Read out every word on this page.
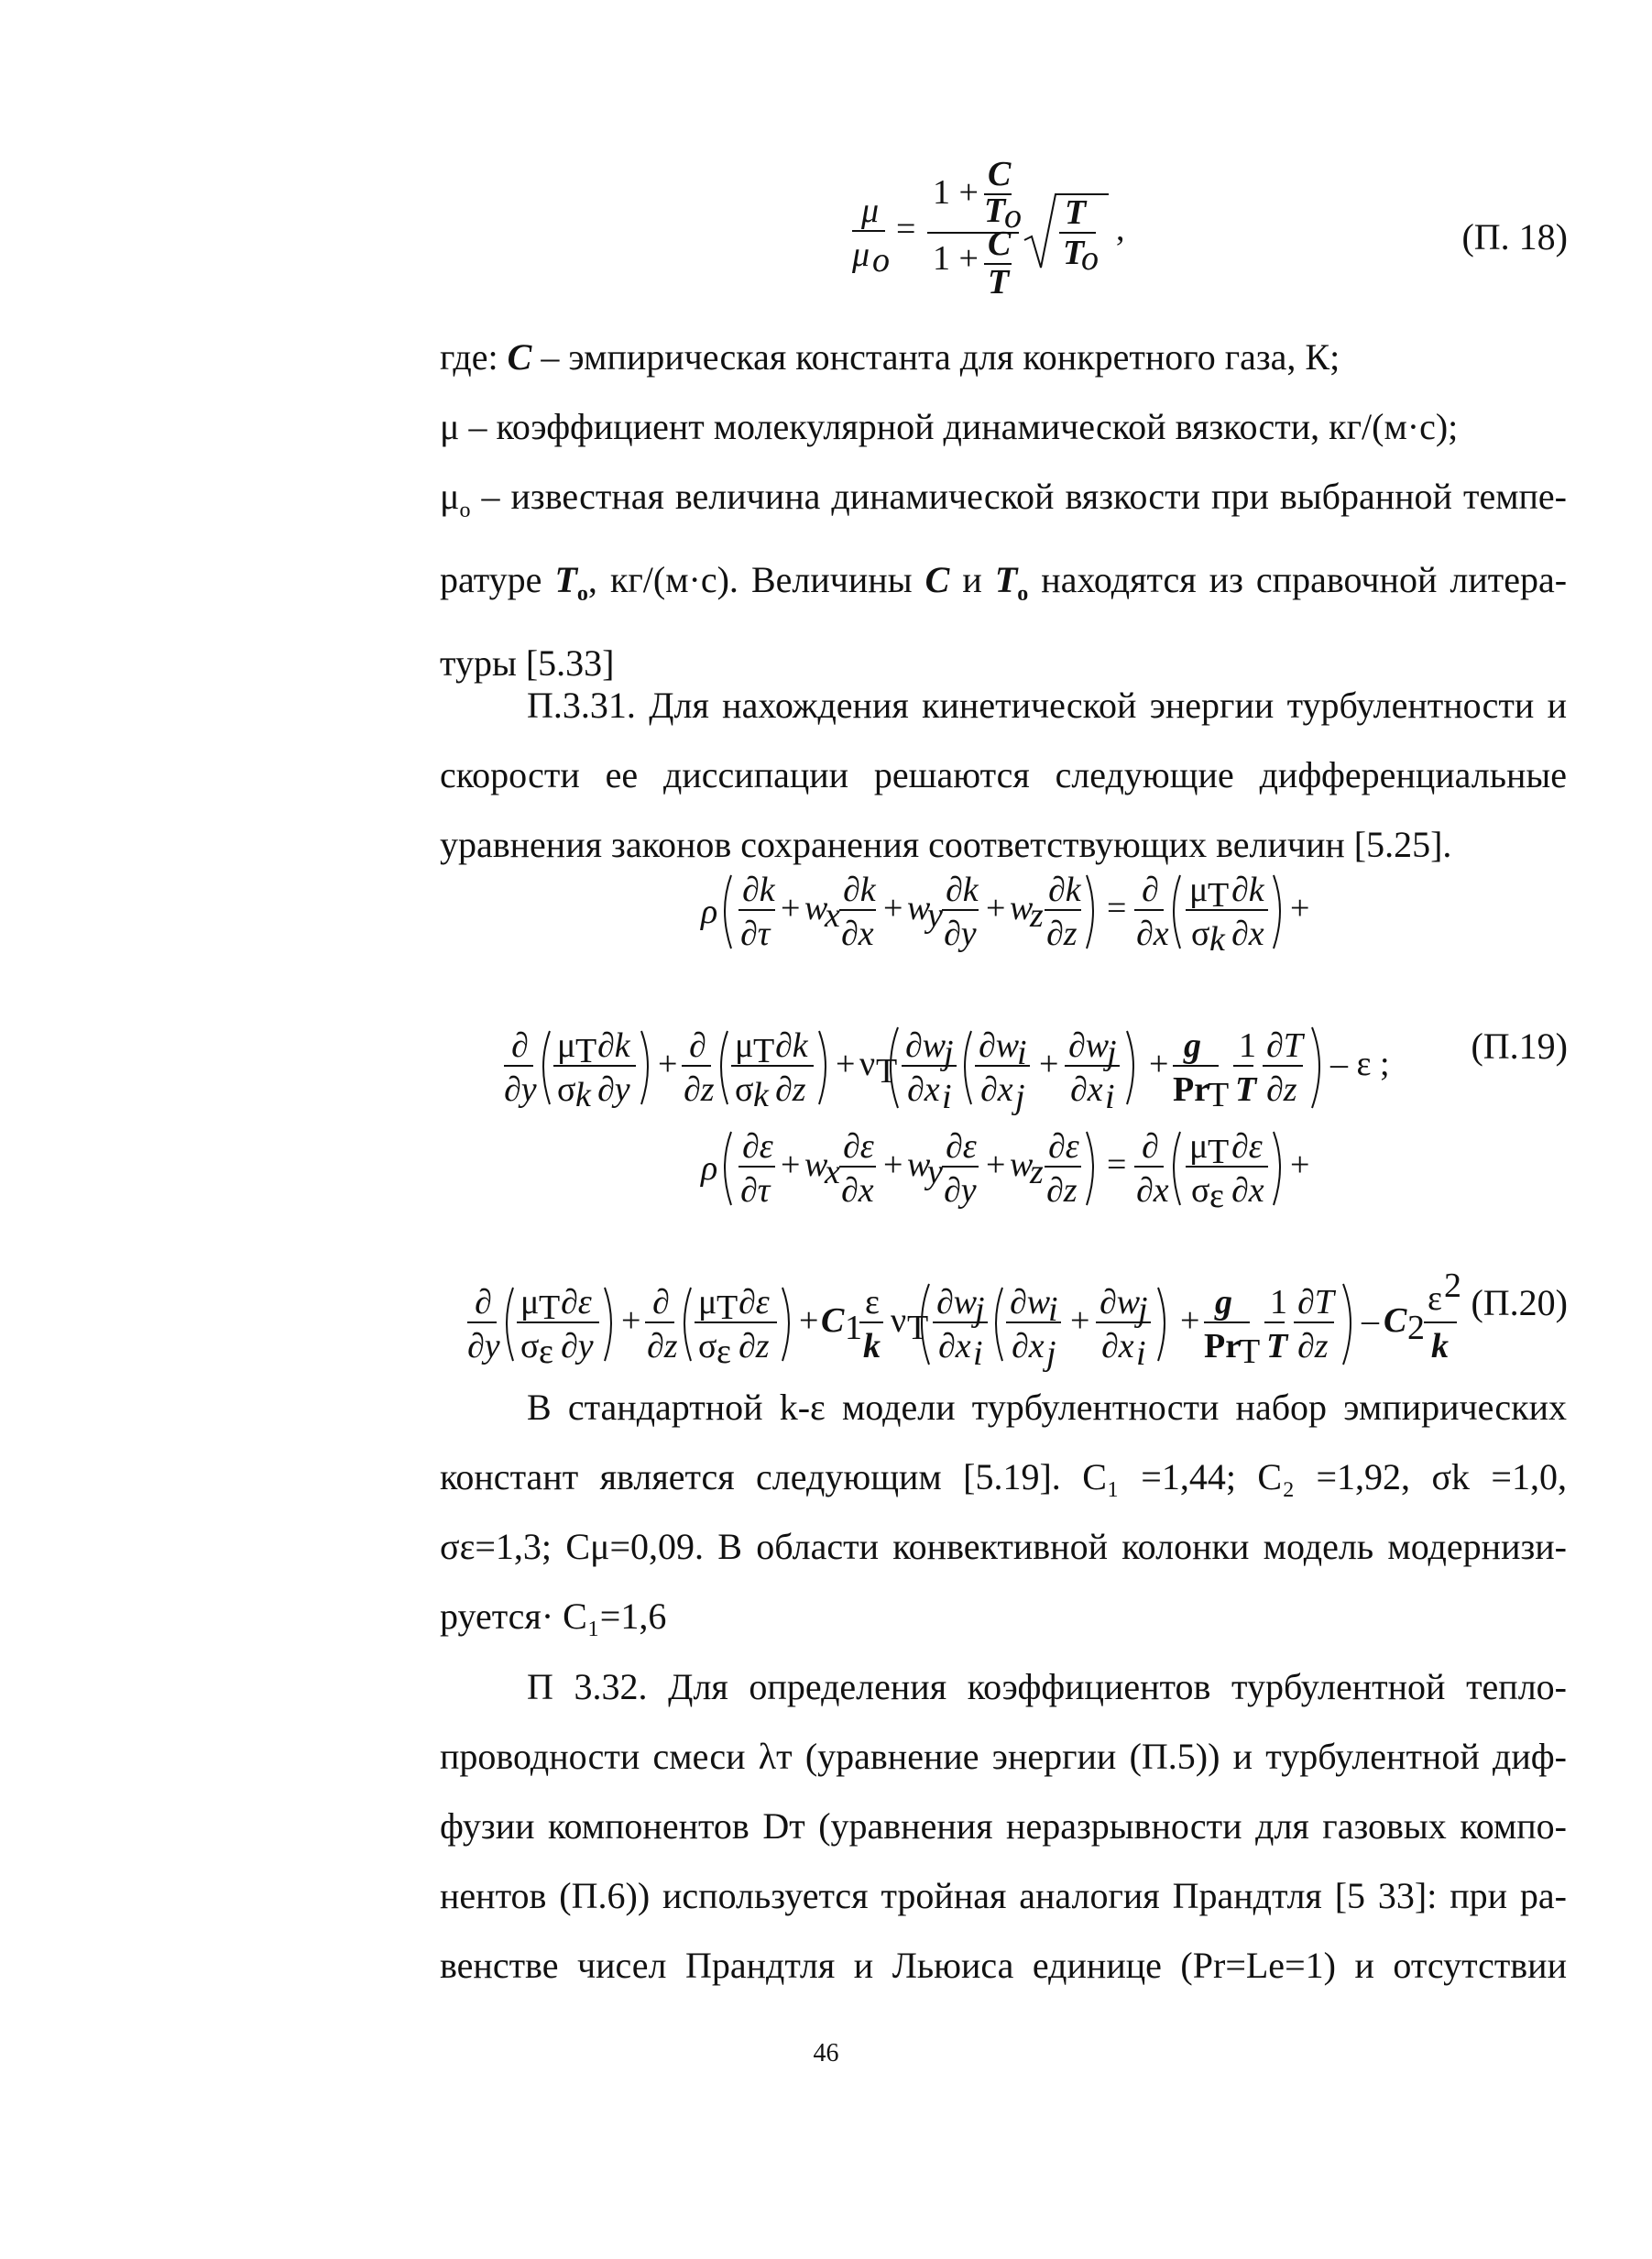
μ
μ o
=
1 + C
T
o
1 + C
T
T
T
o
,	(П. 18)
где: C – эмпирическая константа для конкретного газа, К;
μ – коэффициент молекулярной динамической вязкости, кг/(м·с);
$\mu_o$ – известная величина динамической вязкости при выбранной темпе-
ратуре $T_o$, кг/(м·с). Величины C и $T_o$ находятся из справочной литера-
туры [5.33]
П.3.31. Для нахождения кинетической энергии турбулентности и
скорости ее диссипации решаются следующие дифференциальные
уравнения законов сохранения соответствующих величин [5.25].
ρ
∂k
∂τ
+ w
x
∂k
∂x
+ w
y
∂k
∂y
+ w
z
∂k
∂z
= ∂
∂x
μ T ∂k
σ k ∂x
+
∂
∂y
μ T ∂k
σ k ∂y
+ ∂
∂z
μ T ∂k
σ k ∂z
+ ν T
∂w
j
∂x i
∂w
i
∂x j
+ ∂w
j
∂x i
+ g
Pr
T
1
T
∂T
∂z
– ε ; (П.19)
ρ
∂ε
∂τ
+ w
x
∂ε
∂x
+ w
y
∂ε
∂y
+ w
z
∂ε
∂z
= ∂
∂x
μ T ∂ε
σ ε ∂x
+
∂
∂y
μ T ∂ε
σ ε ∂y
+ ∂
∂z
μ T ∂ε
σ ε ∂z
+ C 1
ε
k
ν T
∂w
j
∂x i
∂w
i
∂x j
+ ∂w
j
∂x i
+ g
Pr
T
1
T
∂T
∂z
– C 2
ε 2
k
(П.20)
В стандартной k-ε модели турбулентности набор эмпирических
констант является следующим [5.19]. C₁ =1,44; C₂ =1,92, σk =1,0,
σε=1,3; Cμ=0,09. В области конвективной колонки модель модернизи-
руется· C₁=1,6
П 3.32. Для определения коэффициентов турбулентной тепло-
проводности смеси λт (уравнение энергии (П.5)) и турбулентной диф-
фузии компонентов Dт (уравнения неразрывности для газовых компо-
нентов (П.6)) используется тройная аналогия Прандтля [5 33]: при ра-
венстве чисел Прандтля и Льюиса единице (Pr=Le=1) и отсутствии
46
